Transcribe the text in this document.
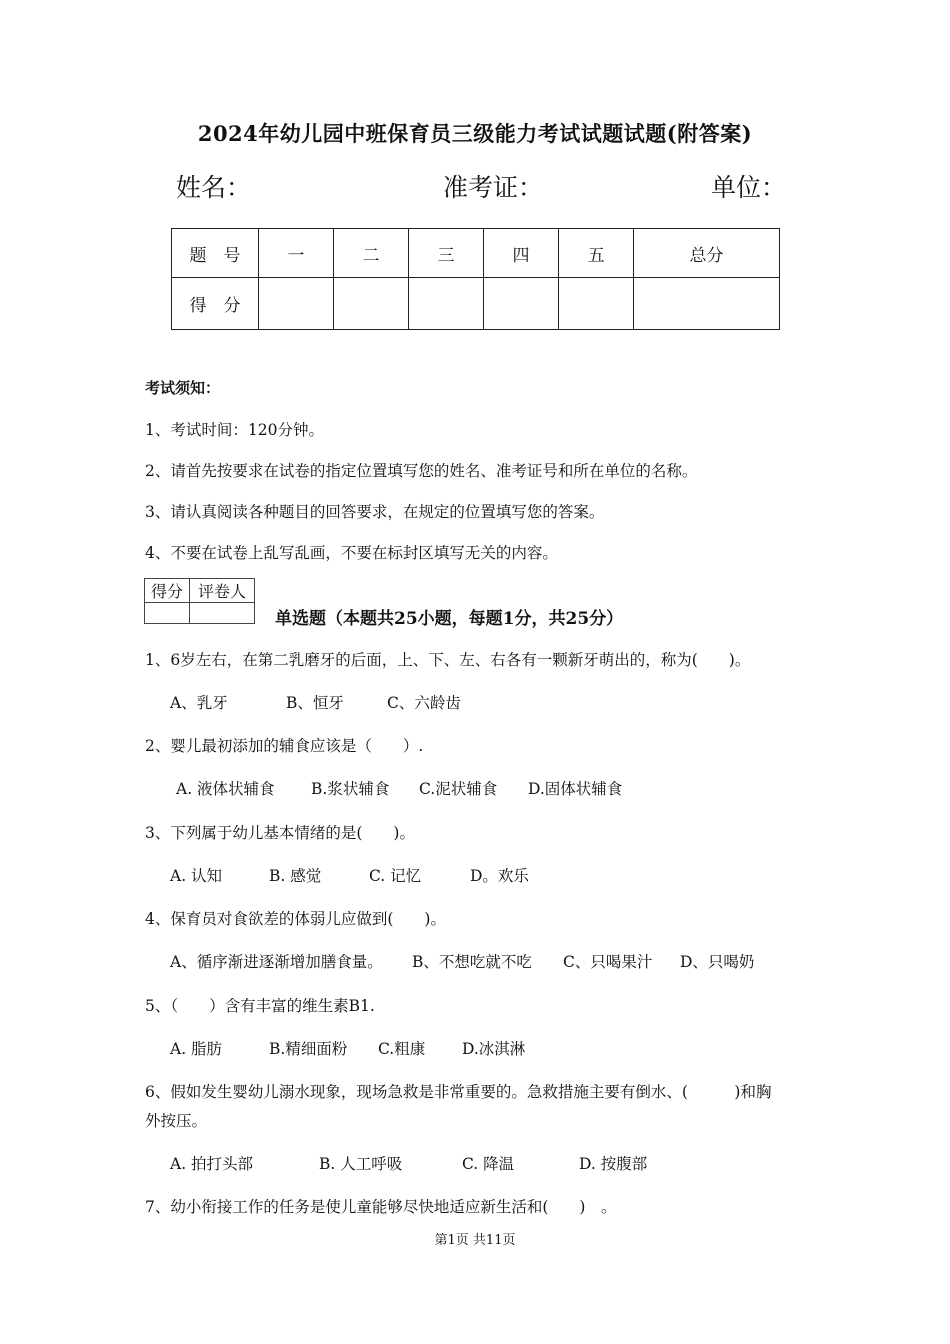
2024年幼儿园中班保育员三级能力考试试题试题(附答案)
姓名：	准考证：	单位：
题　号	一	二	三	四	五	总分
得　分						
考试须知：
1、考试时间：120分钟。
2、请首先按要求在试卷的指定位置填写您的姓名、准考证号和所在单位的名称。
3、请认真阅读各种题目的回答要求，在规定的位置填写您的答案。
4、不要在试卷上乱写乱画，不要在标封区填写无关的内容。
得分	评卷人

单选题（本题共25小题，每题1分，共25分）
1、6岁左右，在第二乳磨牙的后面，上、下、左、右各有一颗新牙萌出的，称为(　　)。
A、乳牙	B、恒牙	C、六龄齿
2、婴儿最初添加的辅食应该是（　　）.
A. 液体状辅食 B.浆状辅食 C.泥状辅食 D.固体状辅食
3、下列属于幼儿基本情绪的是(　　)。
A. 认知	B. 感觉	C. 记忆	D。欢乐
4、保育员对食欲差的体弱儿应做到(　　)。
A、循序渐进逐渐增加膳食量。 B、不想吃就不吃 C、只喝果汁 D、只喝奶
5、（　　）含有丰富的维生素B1.
A. 脂肪	B.精细面粉 C.粗康 D.冰淇淋
6、假如发生婴幼儿溺水现象，现场急救是非常重要的。急救措施主要有倒水、(　　　)和胸
外按压。
A. 拍打头部	B. 人工呼吸	C. 降温	D. 按腹部
7、幼小衔接工作的任务是使儿童能够尽快地适应新生活和(　　)　。
第1页 共11页
